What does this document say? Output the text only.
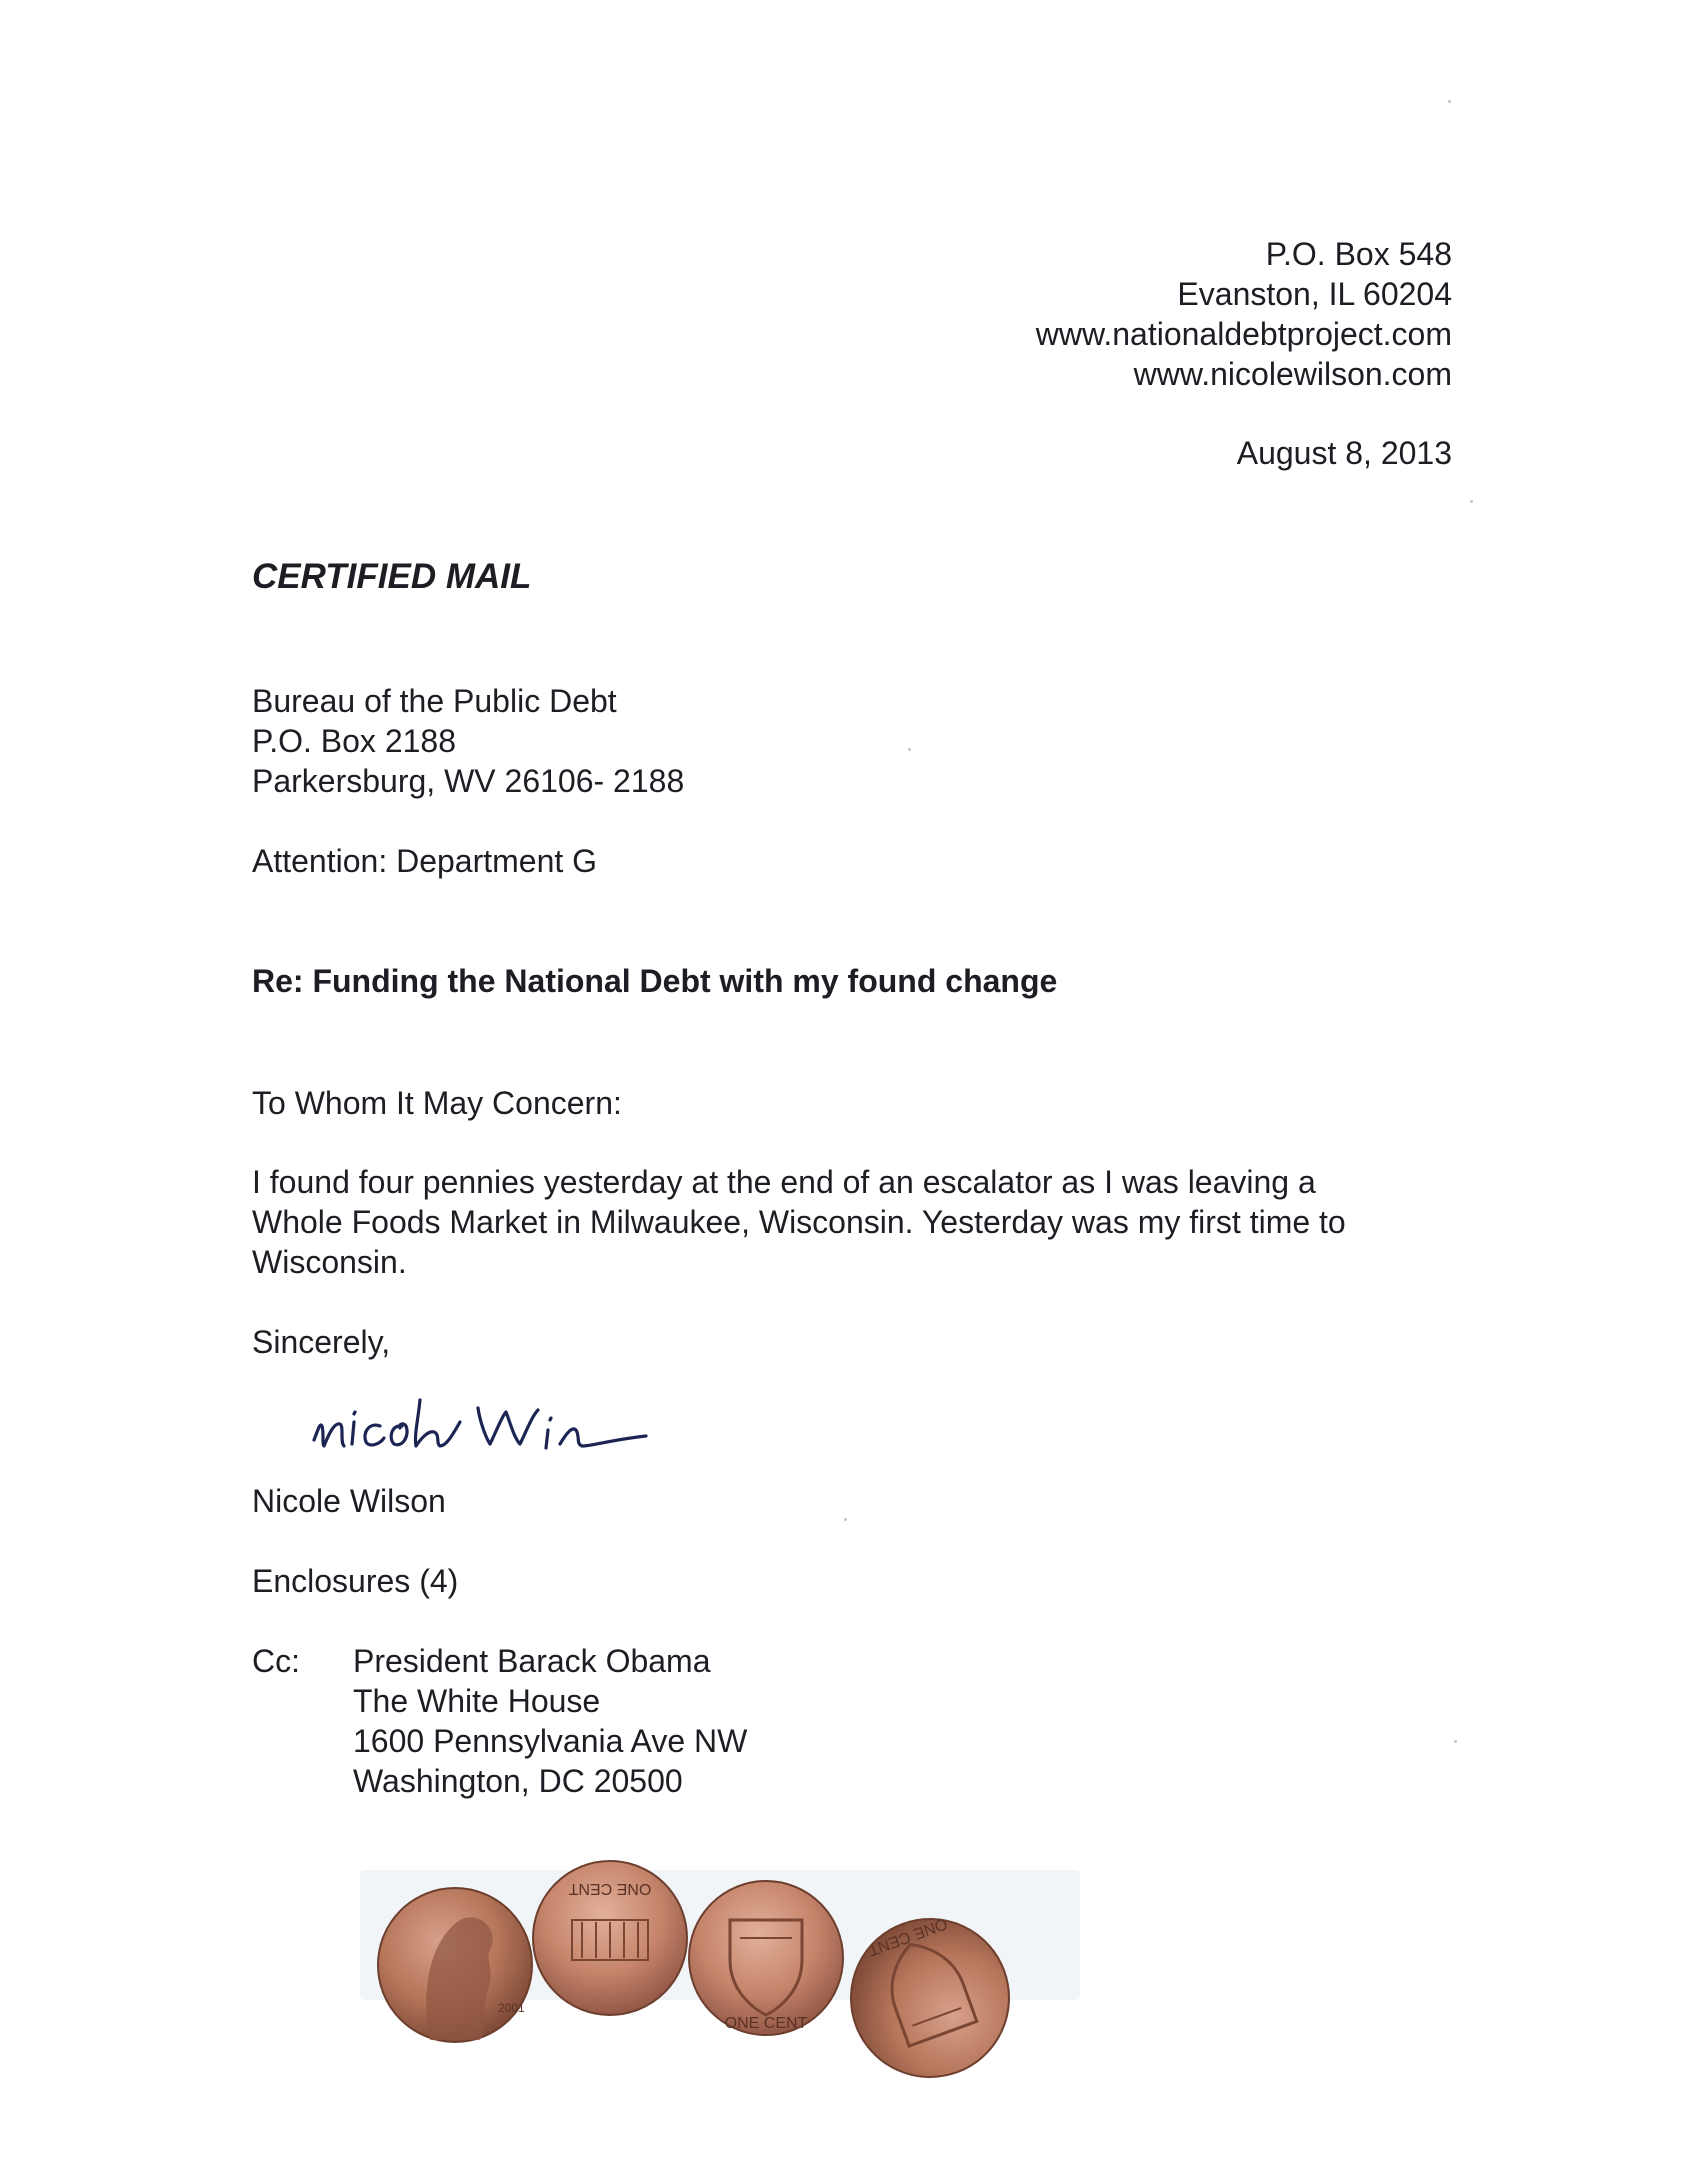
P.O. Box 548
Evanston, IL 60204
www.nationaldebtproject.com
www.nicolewilson.com
August 8, 2013
CERTIFIED MAIL
Bureau of the Public Debt
P.O. Box 2188
Parkersburg, WV 26106- 2188
Attention: Department G
Re: Funding the National Debt with my found change
To Whom It May Concern:
I found four pennies yesterday at the end of an escalator as I was leaving a
Whole Foods Market in Milwaukee, Wisconsin. Yesterday was my first time to
Wisconsin.
Sincerely,
Nicole Wilson
Enclosures (4)
Cc: President Barack Obama
The White House
1600 Pennsylvania Ave NW
Washington, DC 20500
2001
ONE CENT
ONE CENT
ONE CENT
